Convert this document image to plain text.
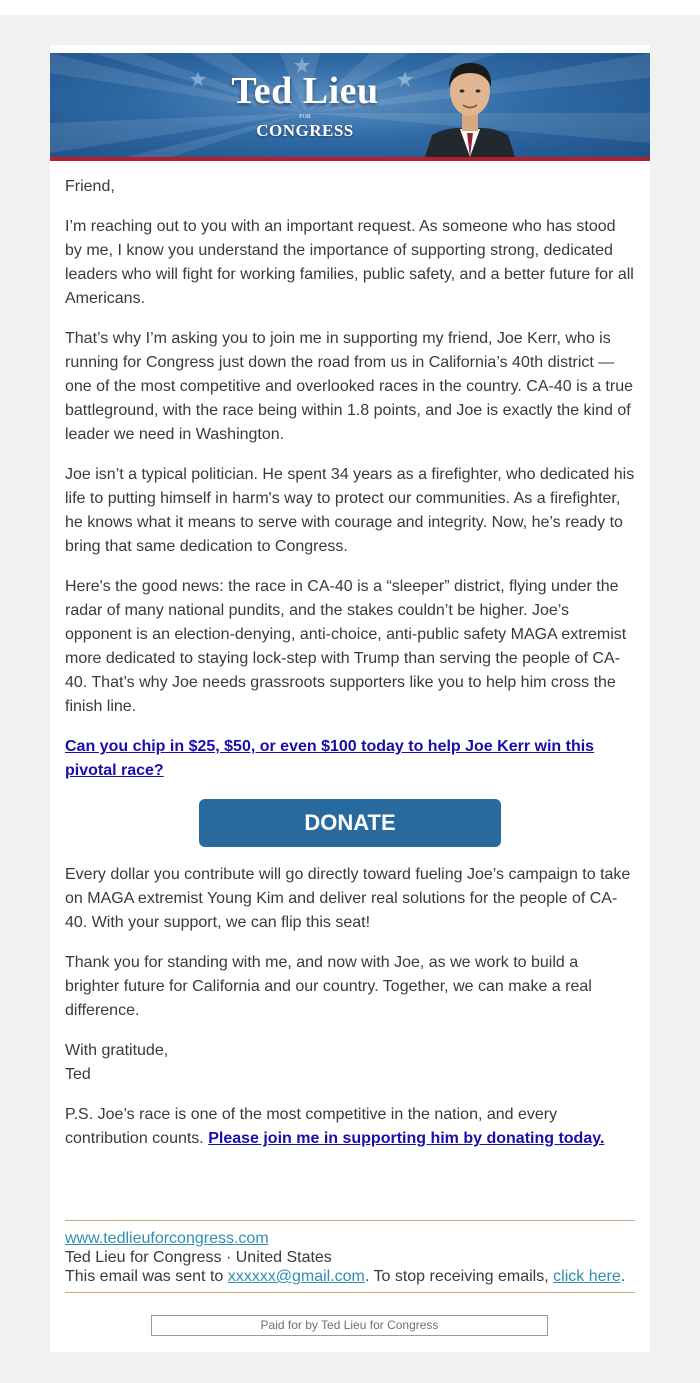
Ted Lieu
FOR
CONGRESS

Friend,

I’m reaching out to you with an important request. As someone who has stood by me, I know you understand the importance of supporting strong, dedicated leaders who will fight for working families, public safety, and a better future for all Americans.

That’s why I’m asking you to join me in supporting my friend, Joe Kerr, who is running for Congress just down the road from us in California’s 40th district — one of the most competitive and overlooked races in the country. CA-40 is a true battleground, with the race being within 1.8 points, and Joe is exactly the kind of leader we need in Washington.

Joe isn’t a typical politician. He spent 34 years as a firefighter, who dedicated his life to putting himself in harm's way to protect our communities. As a firefighter, he knows what it means to serve with courage and integrity. Now, he’s ready to bring that same dedication to Congress.

Here's the good news: the race in CA-40 is a “sleeper” district, flying under the radar of many national pundits, and the stakes couldn’t be higher. Joe’s opponent is an election-denying, anti-choice, anti-public safety MAGA extremist more dedicated to staying lock-step with Trump than serving the people of CA-40. That’s why Joe needs grassroots supporters like you to help him cross the finish line.

Can you chip in $25, $50, or even $100 today to help Joe Kerr win this pivotal race?

DONATE

Every dollar you contribute will go directly toward fueling Joe’s campaign to take on MAGA extremist Young Kim and deliver real solutions for the people of CA-40. With your support, we can flip this seat!

Thank you for standing with me, and now with Joe, as we work to build a brighter future for California and our country. Together, we can make a real difference.

With gratitude,
Ted

P.S. Joe’s race is one of the most competitive in the nation, and every contribution counts. Please join me in supporting him by donating today.

www.tedlieuforcongress.com
Ted Lieu for Congress · United States
This email was sent to xxxxxx@gmail.com. To stop receiving emails, click here.
Paid for by Ted Lieu for Congress
